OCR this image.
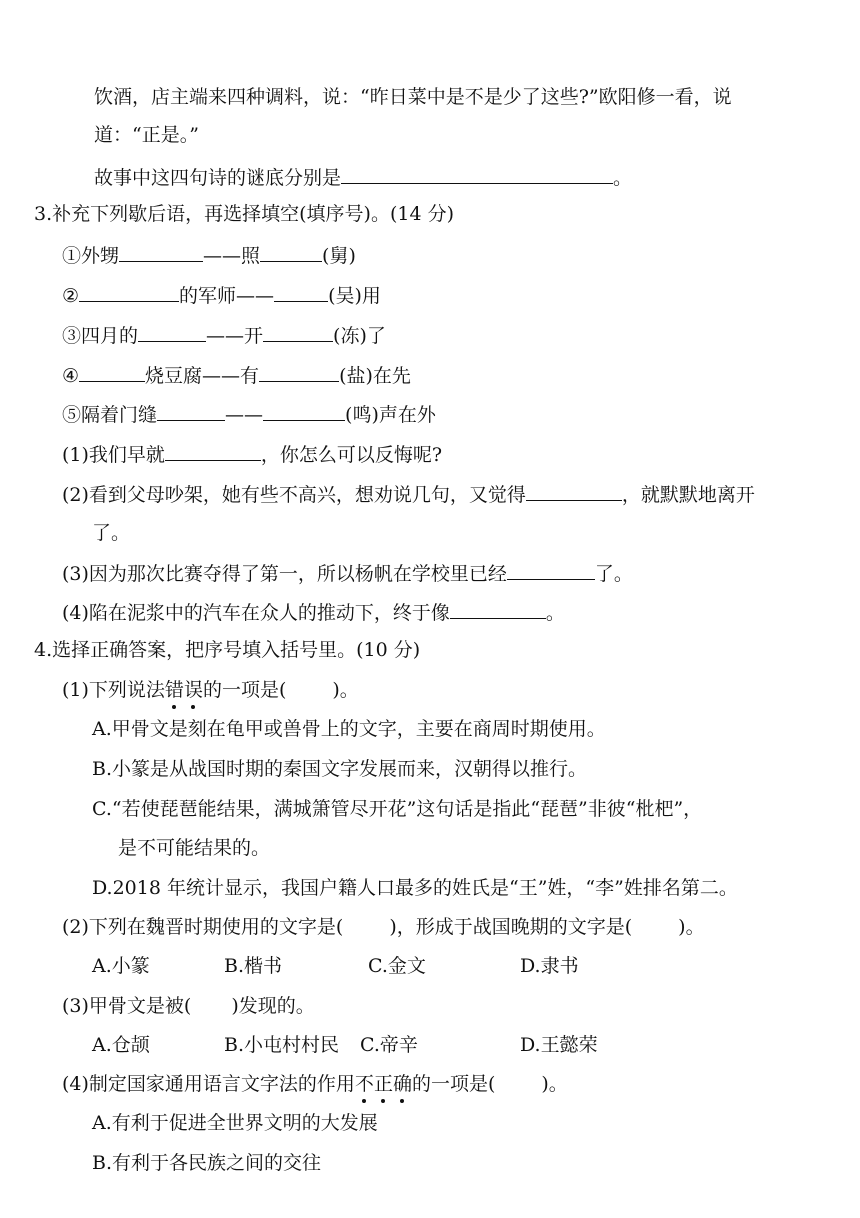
饮酒，店主端来四种调料，说：“昨日菜中是不是少了这些?”欧阳修一看，说
道：“正是。”
故事中这四句诗的谜底分别是	。
3.补充下列歇后语，再选择填空(填序号)。(14 分)
①外甥	——照	(舅)
②	的军师——	(吴)用
③四月的	——开	(冻)了
④	烧豆腐——有	(盐)在先
⑤隔着门缝	——	(鸣)声在外
(1)我们早就	，你怎么可以反悔呢?
(2)看到父母吵架，她有些不高兴，想劝说几句，又觉得	，就默默地离开
了。
(3)因为那次比赛夺得了第一，所以杨帆在学校里已经	了。
(4)陷在泥浆中的汽车在众人的推动下，终于像	。
4.选择正确答案，把序号填入括号里。(10 分)
(1)下列说法错误的一项是( )。
A.甲骨文是刻在龟甲或兽骨上的文字，主要在商周时期使用。
B.小篆是从战国时期的秦国文字发展而来，汉朝得以推行。
C.“若使琵琶能结果，满城箫管尽开花”这句话是指此“琵琶”非彼“枇杷”，
是不可能结果的。
D.2018 年统计显示，我国户籍人口最多的姓氏是“王”姓，“李”姓排名第二。
(2)下列在魏晋时期使用的文字是( )，形成于战国晚期的文字是( )。
A.小篆	B.楷书	C.金文	D.隶书
(3)甲骨文是被( )发现的。
A.仓颉	B.小屯村村民 C.帝辛	D.王懿荣
(4)制定国家通用语言文字法的作用不正确的一项是( )。
A.有利于促进全世界文明的大发展
B.有利于各民族之间的交往
